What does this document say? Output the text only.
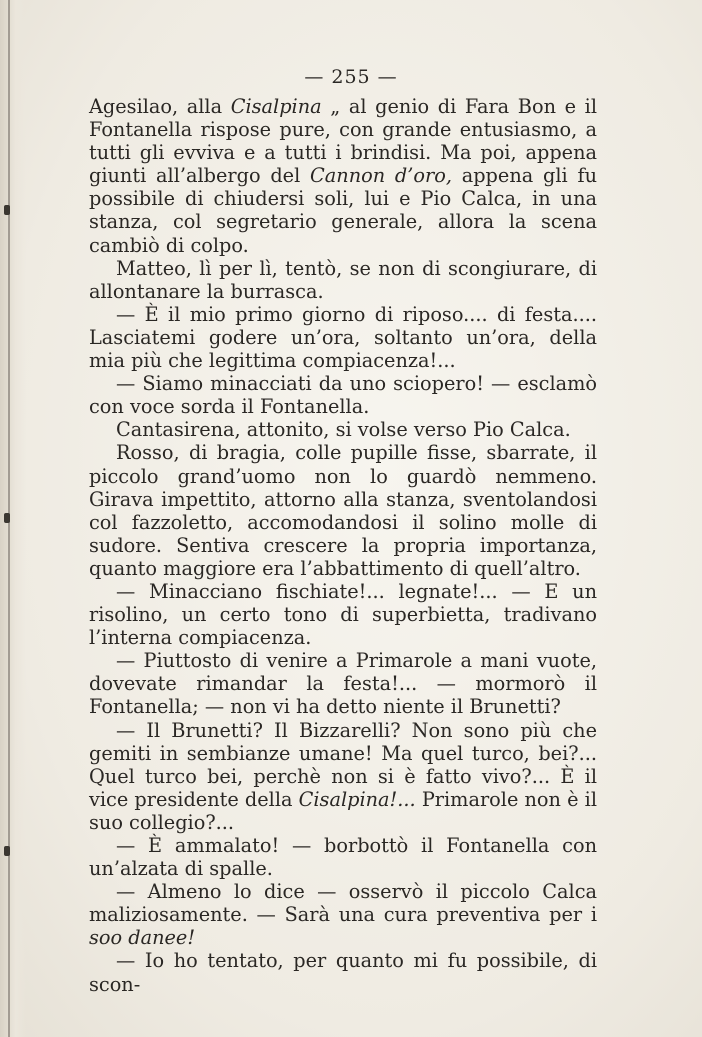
— 255 —

Agesilao, alla Cisalpina „ al genio di Fara Bon e il Fontanella rispose pure, con grande entusiasmo, a tutti gli evviva e a tutti i brindisi. Ma poi, appena giunti all’albergo del Cannon d’oro, appena gli fu possibile di chiudersi soli, lui e Pio Calca, in una stanza, col segretario generale, allora la scena cambiò di colpo.

Matteo, lì per lì, tentò, se non di scongiurare, di allontanare la burrasca.

— È il mio primo giorno di riposo.... di festa.... Lasciatemi godere un’ora, soltanto un’ora, della mia più che legittima compiacenza!...

— Siamo minacciati da uno sciopero! — esclamò con voce sorda il Fontanella.

Cantasirena, attonito, si volse verso Pio Calca.

Rosso, di bragia, colle pupille fisse, sbarrate, il piccolo grand’uomo non lo guardò nemmeno. Girava impettito, attorno alla stanza, sventolandosi col fazzoletto, accomodandosi il solino molle di sudore. Sentiva crescere la propria importanza, quanto maggiore era l’abbattimento di quell’altro.

— Minacciano fischiate!... legnate!... — E un risolino, un certo tono di superbietta, tradivano l’interna compiacenza.

— Piuttosto di venire a Primarole a mani vuote, dovevate rimandar la festa!... — mormorò il Fontanella; — non vi ha detto niente il Brunetti?

— Il Brunetti? Il Bizzarelli? Non sono più che gemiti in sembianze umane! Ma quel turco, bei?... Quel turco bei, perchè non si è fatto vivo?... È il vice presidente della Cisalpina!... Primarole non è il suo collegio?...

— È ammalato! — borbottò il Fontanella con un’alzata di spalle.

— Almeno lo dice — osservò il piccolo Calca maliziosamente. — Sarà una cura preventiva per i soo danee!

— Io ho tentato, per quanto mi fu possibile, di scon-
